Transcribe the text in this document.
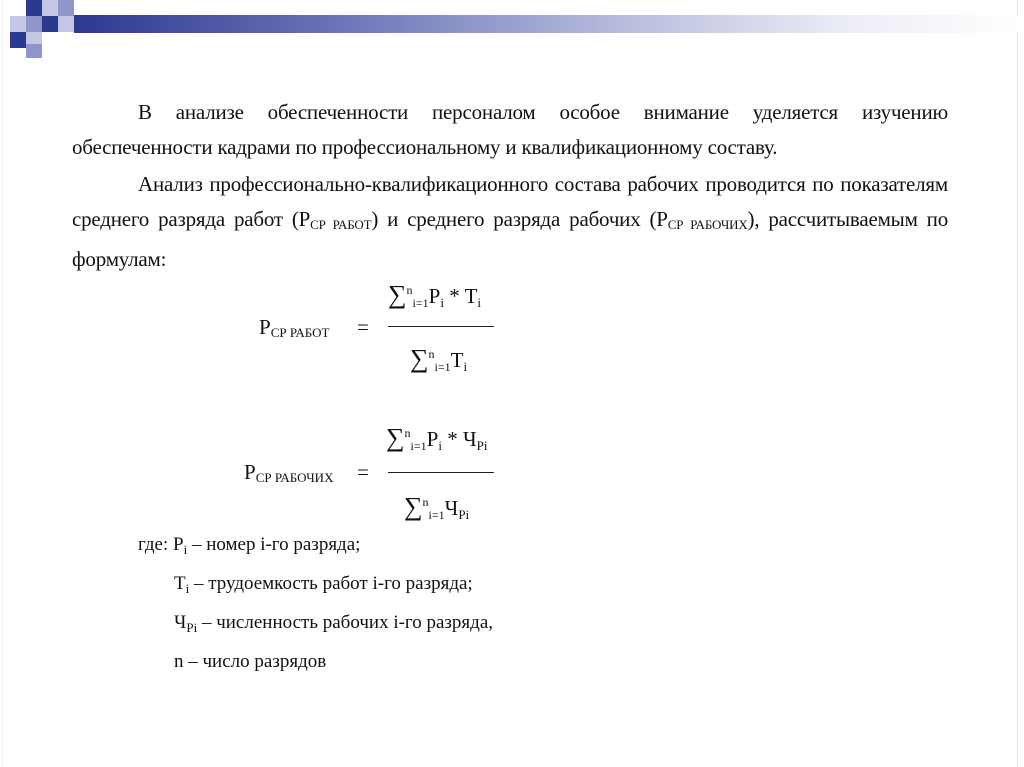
В анализе обеспеченности персоналом особое внимание уделяется изучению обеспеченности кадрами по профессиональному и квалификационному составу.
Анализ профессионально-квалификационного состава рабочих проводится по показателям среднего разряда работ $(Р_{СР РАБОТ})$ и среднего разряда рабочих $(Р_{СР РАБОЧИХ})$, рассчитываемым по формулам:
$Р_{СР РАБОТ}$ =
∑$^n$i=1Pi * Ti
∑$^n$i=1Ti
$Р_{СР РАБОЧИХ}$ =
∑$^n$i=1Pi * ЧPi
∑$^n$i=1ЧPi
где: $P_i$ – номер i-го разряда;
$T_i$ – трудоемкость работ i-го разряда;
$Ч_{Pi}$ – численность рабочих i-го разряда,
n – число разрядов
